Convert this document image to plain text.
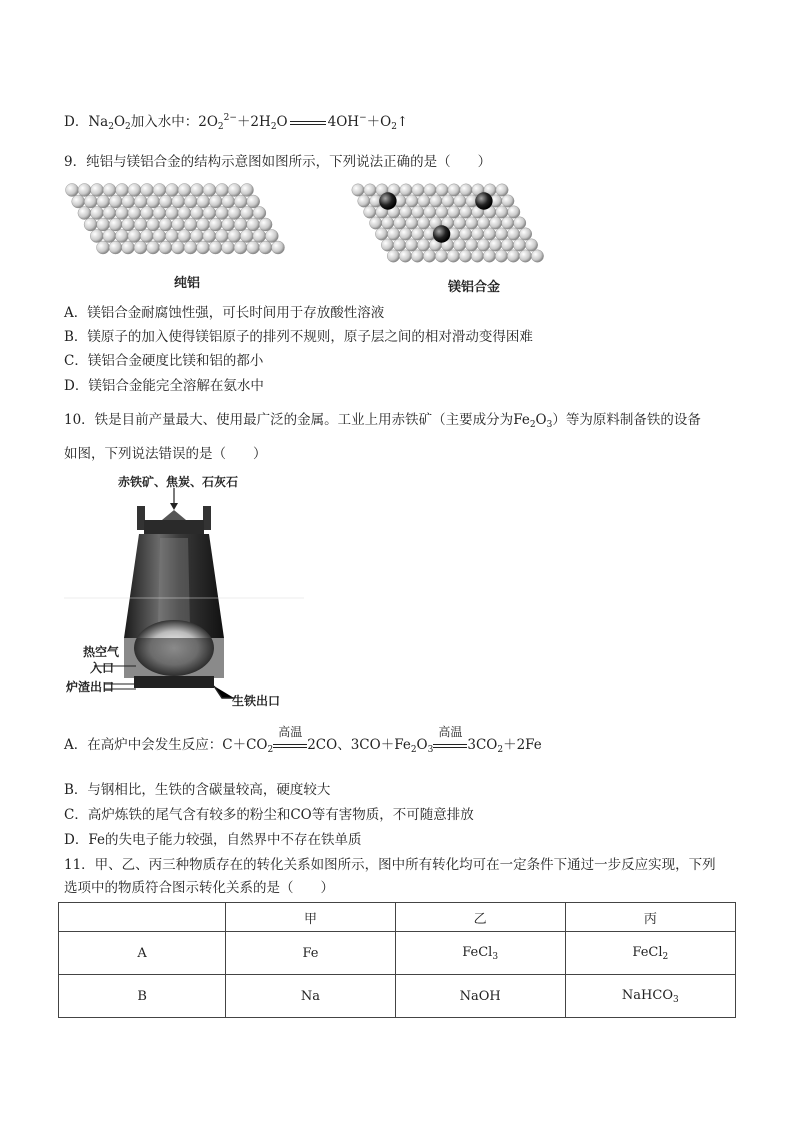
D．$Na_2O_2$加入水中：$2O_2^{2-}+2H_2O$	$4OH^-+O_2↑$
9．纯铝与镁铝合金的结构示意图如图所示，下列说法正确的是（　　）
纯铝	镁铝合金
A．镁铝合金耐腐蚀性强，可长时间用于存放酸性溶液
B．镁原子的加入使得镁铝原子的排列不规则，原子层之间的相对滑动变得困难
C．镁铝合金硬度比镁和铝的都小
D．镁铝合金能完全溶解在氨水中
10．铁是目前产量最大、使用最广泛的金属。工业上用赤铁矿（主要成分为$Fe_2O_3$）等为原料制备铁的设备
如图，下列说法错误的是（　　）
赤铁矿、焦炭、石灰石
热空气
入口
炉渣出口
生铁出口
A．在高炉中会发生反应：$C+CO_2$
高温
2CO、$3CO+Fe_2O_3$
高温
$3CO_2+2Fe$
B．与钢相比，生铁的含碳量较高，硬度较大
C．高炉炼铁的尾气含有较多的粉尘和CO等有害物质，不可随意排放
D．Fe的失电子能力较强，自然界中不存在铁单质
11．甲、乙、丙三种物质存在的转化关系如图所示，图中所有转化均可在一定条件下通过一步反应实现，下列
选项中的物质符合图示转化关系的是（　　）
	甲	乙	丙
A	Fe	FeCl$_3$	FeCl$_2$
B	Na	NaOH	NaHCO$_3$
